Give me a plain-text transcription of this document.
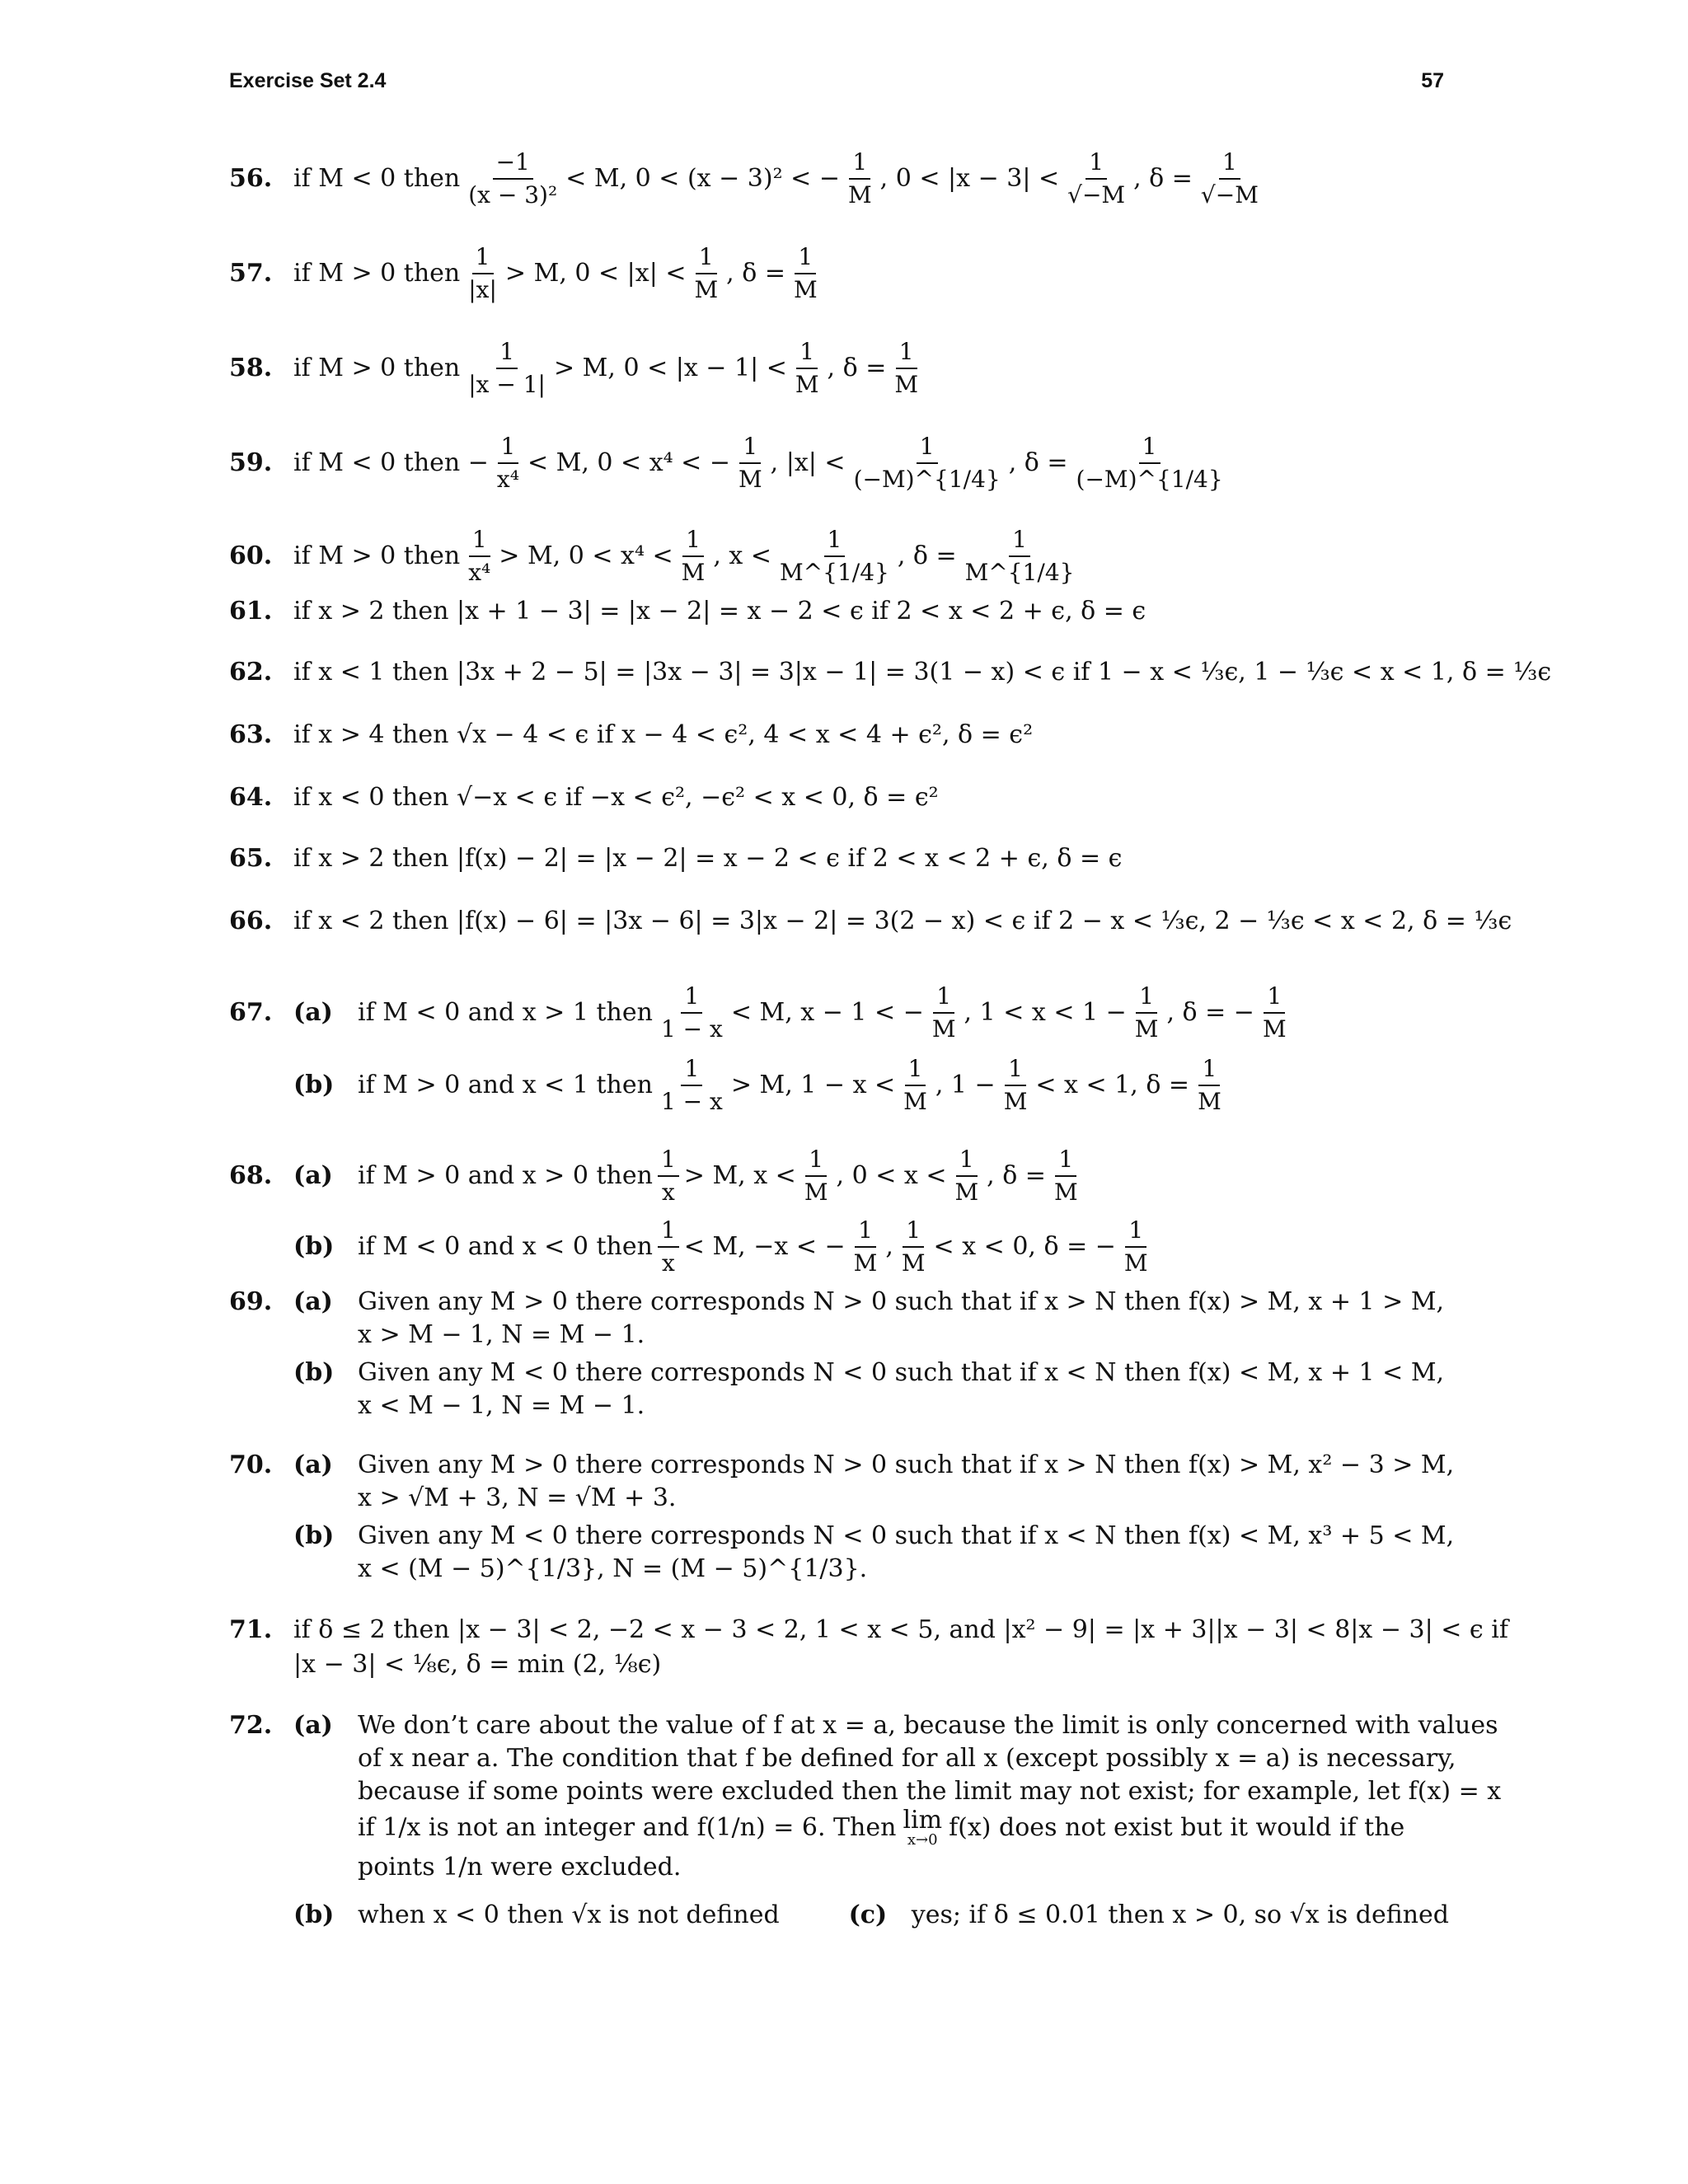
Exercise Set 2.4	57
56. if M < 0 then $\frac{-1}{\text{(x − 3)²}} < M$, 0 < (x − 3)² < − $\frac{1}{M}$ , $0 < |x - 3| < \frac{1}{√-M}$ , $\delta = \frac{1}{√-M}$
57. if M > 0 then $\frac{1}{|x|} > M$, $0 < |x| < \frac{1}{M}$ , $\delta = \frac{1}{M}$
58. if M > 0 then $\frac{1}{|x - 1|} > M$, $0 < |x - 1| < \frac{1}{M}$ , $\delta = \frac{1}{M}$
59. if M < 0 then − $\frac{1}{\text{x⁴}} < M$, 0 < x⁴ < − $\frac{1}{M}$ , $|x| < \frac{1}{(-M)\^{}\{1/4\}}$ , $\delta = \frac{1}{(-M)\^{}\{1/4\}}$
60. if M > 0 then $\frac{1}{\text{x⁴}} > M$, $0 < x^4 < \frac{1}{M}$ , $x < \frac{1}{M\^{}\{1/4\}}$ , $\delta = \frac{1}{M\^{}\{1/4\}}$
61. if x > 2 then |x + 1 − 3| = |x − 2| = x − 2 < ϵ if 2 < x < 2 + ϵ, δ = ϵ
62. if x < 1 then |3x + 2 − 5| = |3x − 3| = 3|x − 1| = 3(1 − x) < ϵ if 1 − x < ⅓ϵ, 1 − ⅓ϵ < x < 1, δ = ⅓ϵ
63. if x > 4 then √x − 4 < ϵ if x − 4 < ϵ², 4 < x < 4 + ϵ², δ = ϵ²
64. if x < 0 then √−x < ϵ if −x < ϵ², −ϵ² < x < 0, δ = ϵ²
65. if x > 2 then |f(x) − 2| = |x − 2| = x − 2 < ϵ if 2 < x < 2 + ϵ, δ = ϵ
66. if x < 2 then |f(x) − 6| = |3x − 6| = 3|x − 2| = 3(2 − x) < ϵ if 2 − x < ⅓ϵ, 2 − ⅓ϵ < x < 2, δ = ⅓ϵ
67. (a)	if M < 0 and x > 1 then $\frac{1}{1 - x} < M$, x − 1 < − $\frac{1}{M}$ , $1 < x < 1 - \frac{1}{M}$ , δ = − $\frac{1}{M}$
(b) if M > 0 and x < 1 then $\frac{1}{1 - x} > M$, $1 - x < \frac{1}{M}$ , $1 - \frac{1}{M} < x < 1$, $\delta = \frac{1}{M}$
68. (a)	if M > 0 and x > 0 then $\frac{1}{x} > M$, $x < \frac{1}{M}$ , $0 < x < \frac{1}{M}$ , $\delta = \frac{1}{M}$
(b) if M < 0 and x < 0 then $\frac{1}{x} < M$, −x < − $\frac{1}{M}$ , $\frac{1}{M} < x < 0$, δ = − $\frac{1}{M}$
69. (a)	Given any M > 0 there corresponds N > 0 such that if x > N then f(x) > M, x + 1 > M,
x > M − 1, N = M − 1.
(b) Given any M < 0 there corresponds N < 0 such that if x < N then f(x) < M, x + 1 < M,
x < M − 1, N = M − 1.
70. (a)	Given any M > 0 there corresponds N > 0 such that if x > N then f(x) > M, x² − 3 > M,
x > √M + 3, N = √M + 3.
(b) Given any M < 0 there corresponds N < 0 such that if x < N then f(x) < M, x³ + 5 < M,
x < (M − 5)^{1/3}, N = (M − 5)^{1/3}.
71. if δ ≤ 2 then |x − 3| < 2, −2 < x − 3 < 2, 1 < x < 5, and |x² − 9| = |x + 3||x − 3| < 8|x − 3| < ϵ if
|x − 3| < ⅛ϵ, δ = min (2, ⅛ϵ)
72. (a)	We don’t care about the value of f at x = a, because the limit is only concerned with values
of x near a. The condition that f be defined for all x (except possibly x = a) is necessary,
because if some points were excluded then the limit may not exist; for example, let f(x) = x
if 1/x is not an integer and f(1/n) = 6. Then lim
x→0 f(x) does not exist but it would if the
points 1/n were excluded.
(b) when x < 0 then √x is not defined	(c) yes; if δ ≤ 0.01 then x > 0, so √x is defined
